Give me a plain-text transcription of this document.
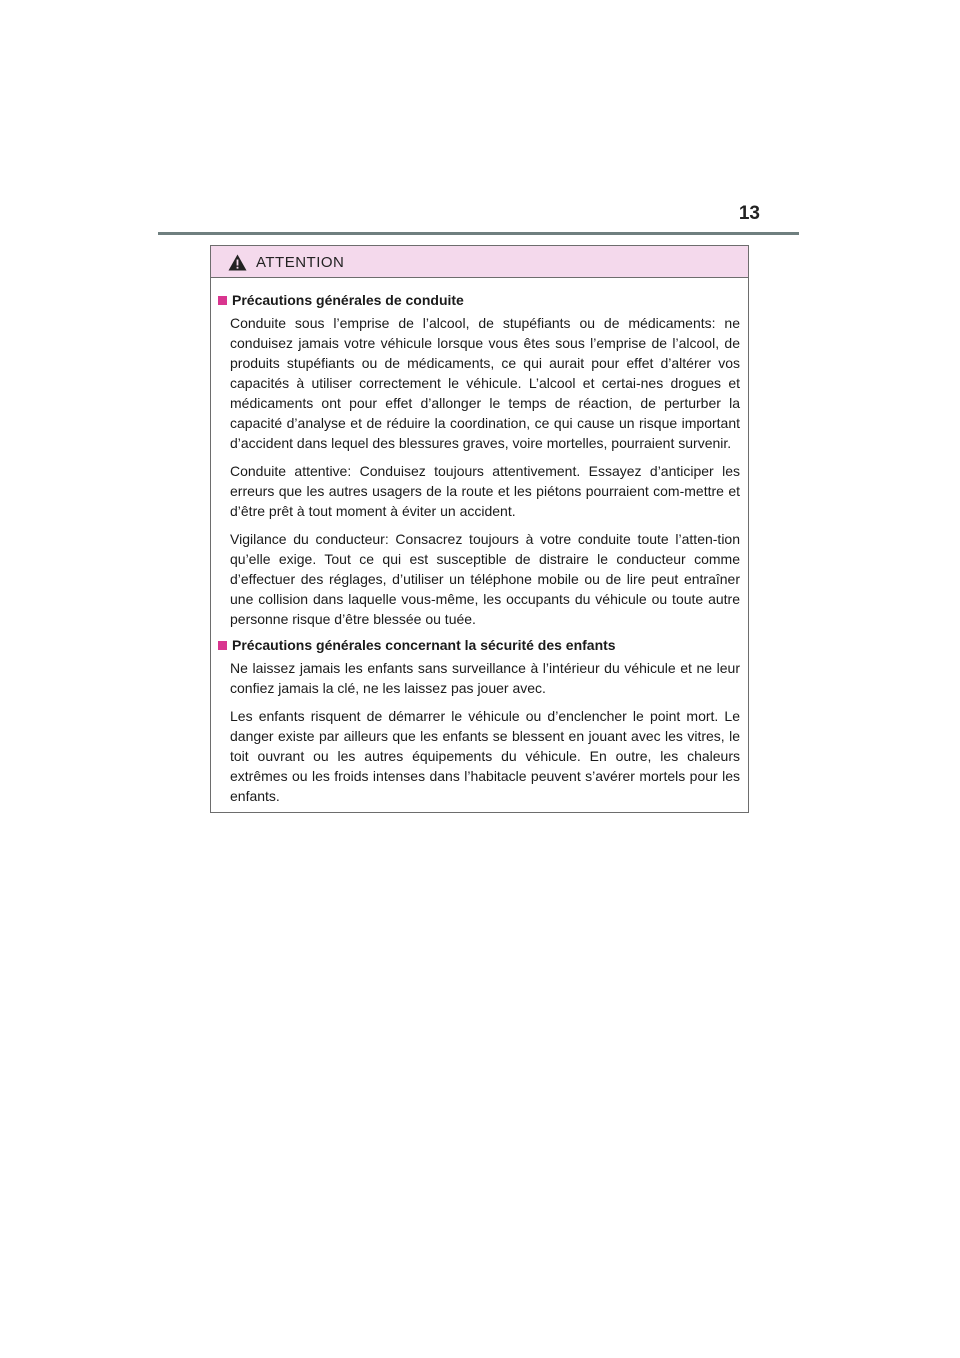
13
ATTENTION
Précautions générales de conduite

Conduite sous l’emprise de l’alcool, de stupéfiants ou de médicaments: ne conduisez jamais votre véhicule lorsque vous êtes sous l’emprise de l’alcool, de produits stupéfiants ou de médicaments, ce qui aurait pour effet d’altérer vos capacités à utiliser correctement le véhicule. L’alcool et certai-nes drogues et médicaments ont pour effet d’allonger le temps de réaction, de perturber la capacité d’analyse et de réduire la coordination, ce qui cause un risque important d’accident dans lequel des blessures graves, voire mortelles, pourraient survenir.

Conduite attentive: Conduisez toujours attentivement. Essayez d’anticiper les erreurs que les autres usagers de la route et les piétons pourraient com-mettre et d’être prêt à tout moment à éviter un accident.

Vigilance du conducteur: Consacrez toujours à votre conduite toute l’atten-tion qu’elle exige. Tout ce qui est susceptible de distraire le conducteur comme d’effectuer des réglages, d’utiliser un téléphone mobile ou de lire peut entraîner une collision dans laquelle vous-même, les occupants du véhicule ou toute autre personne risque d’être blessée ou tuée.

Précautions générales concernant la sécurité des enfants

Ne laissez jamais les enfants sans surveillance à l’intérieur du véhicule et ne leur confiez jamais la clé, ne les laissez pas jouer avec.

Les enfants risquent de démarrer le véhicule ou d’enclencher le point mort. Le danger existe par ailleurs que les enfants se blessent en jouant avec les vitres, le toit ouvrant ou les autres équipements du véhicule. En outre, les chaleurs extrêmes ou les froids intenses dans l’habitacle peuvent s’avérer mortels pour les enfants.
